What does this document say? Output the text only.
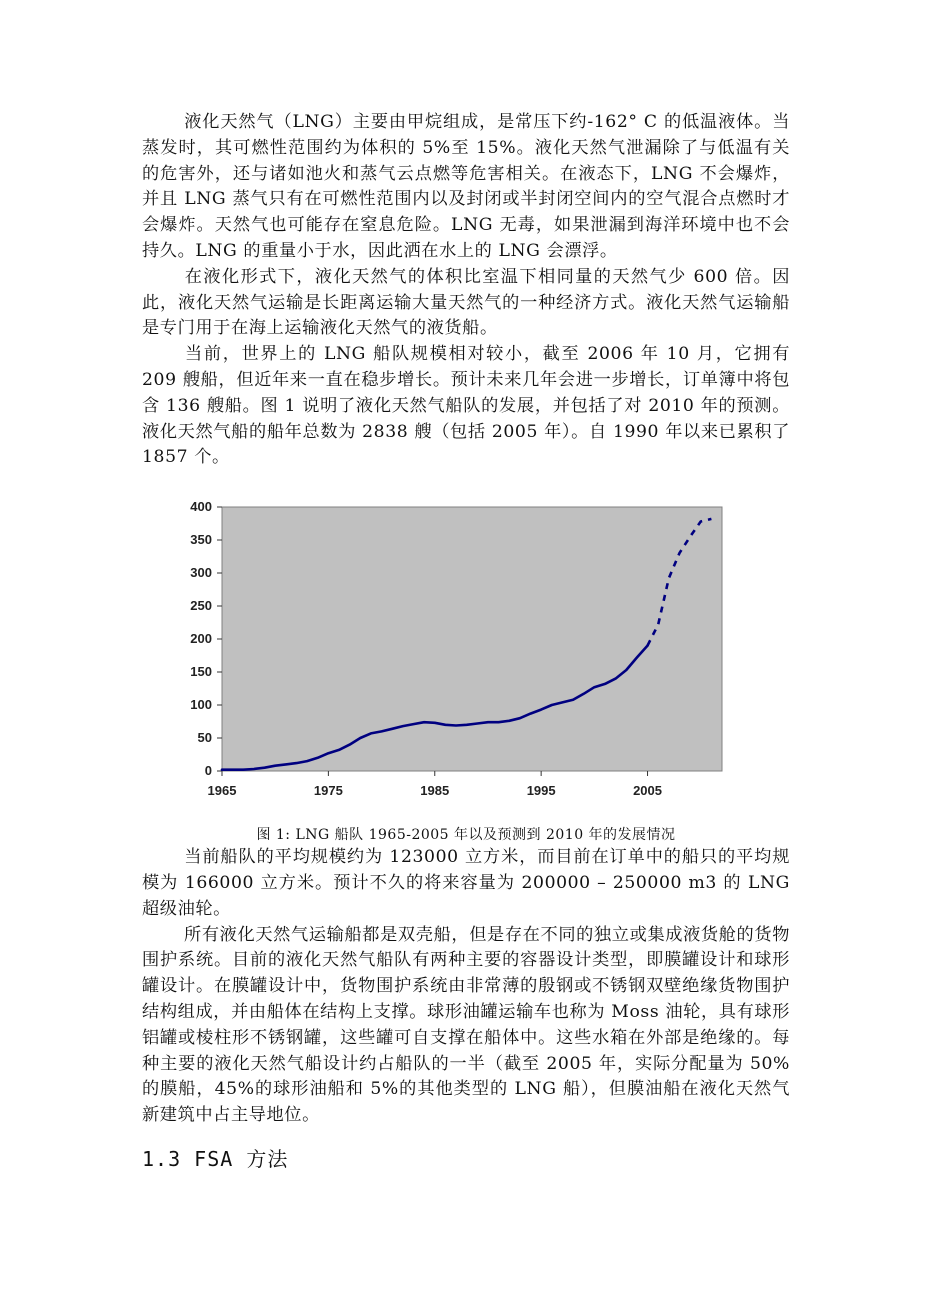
液化天然气（LNG）主要由甲烷组成，是常压下约-162° C 的低温液体。当蒸发时，其可燃性范围约为体积的 5%至 15%。液化天然气泄漏除了与低温有关的危害外，还与诸如池火和蒸气云点燃等危害相关。在液态下，LNG 不会爆炸，并且 LNG 蒸气只有在可燃性范围内以及封闭或半封闭空间内的空气混合点燃时才会爆炸。天然气也可能存在窒息危险。LNG 无毒，如果泄漏到海洋环境中也不会持久。LNG 的重量小于水，因此洒在水上的 LNG 会漂浮。

在液化形式下，液化天然气的体积比室温下相同量的天然气少 600 倍。因此，液化天然气运输是长距离运输大量天然气的一种经济方式。液化天然气运输船是专门用于在海上运输液化天然气的液货船。

当前，世界上的 LNG 船队规模相对较小，截至 2006 年 10 月，它拥有 209 艘船，但近年来一直在稳步增长。预计未来几年会进一步增长，订单簿中将包含 136 艘船。图 1 说明了液化天然气船队的发展，并包括了对 2010 年的预测。液化天然气船的船年总数为 2838 艘（包括 2005 年）。自 1990 年以来已累积了 1857 个。

0
50
100
150
200
250
300
350
400
1965	1975	1985	1995	2005

图 1: LNG 船队 1965-2005 年以及预测到 2010 年的发展情况

当前船队的平均规模约为 123000 立方米，而目前在订单中的船只的平均规模为 166000 立方米。预计不久的将来容量为 200000 – 250000 m3 的 LNG 超级油轮。

所有液化天然气运输船都是双壳船，但是存在不同的独立或集成液货舱的货物围护系统。目前的液化天然气船队有两种主要的容器设计类型，即膜罐设计和球形罐设计。在膜罐设计中，货物围护系统由非常薄的殷钢或不锈钢双壁绝缘货物围护结构组成，并由船体在结构上支撑。球形油罐运输车也称为 Moss 油轮，具有球形铝罐或棱柱形不锈钢罐，这些罐可自支撑在船体中。这些水箱在外部是绝缘的。每种主要的液化天然气船设计约占船队的一半（截至 2005 年，实际分配量为 50%的膜船，45%的球形油船和 5%的其他类型的 LNG 船），但膜油船在液化天然气新建筑中占主导地位。

1.3 FSA 方法
